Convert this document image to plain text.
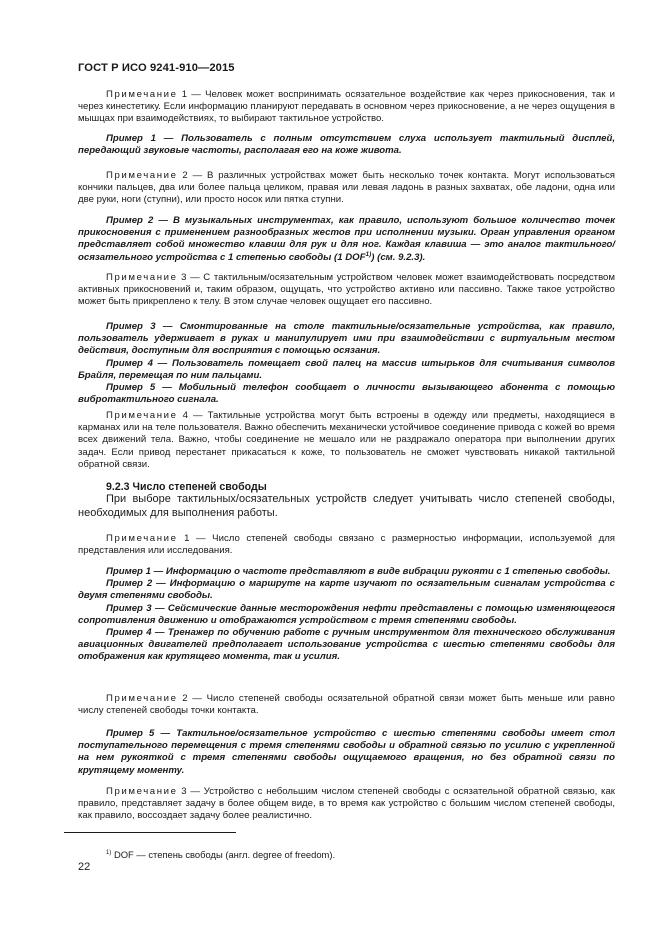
ГОСТ Р ИСО 9241-910—2015

Примечание 1 — Человек может воспринимать осязательное воздействие как через прикосновения, так и через кинестетику. Если информацию планируют передавать в основном через прикосновение, а не через ощущения в мышцах при взаимодействиях, то выбирают тактильное устройство.

Пример 1 — Пользователь с полным отсутствием слуха использует тактильный дисплей, передающий звуковые частоты, располагая его на коже живота.

Примечание 2 — В различных устройствах может быть несколько точек контакта. Могут использоваться кончики пальцев, два или более пальца целиком, правая или левая ладонь в разных захватах, обе ладони, одна или две руки, ноги (ступни), или просто носок или пятка ступни.

Пример 2 — В музыкальных инструментах, как правило, используют большое количество точек прикосновения с применением разнообразных жестов при исполнении музыки. Орган управления органом представляет собой множество клавиш для рук и для ног. Каждая клавиша — это аналог тактильного/осязательного устройства с 1 степенью свободы (1 DOF$^{1)}$) (см. 9.2.3).

Примечание 3 — С тактильным/осязательным устройством человек может взаимодействовать посредством активных прикосновений и, таким образом, ощущать, что устройство активно или пассивно. Также такое устройство может быть прикреплено к телу. В этом случае человек ощущает его пассивно.

Пример 3 — Смонтированные на столе тактильные/осязательные устройства, как правило, пользователь удерживает в руках и манипулирует ими при взаимодействии с виртуальным местом действия, доступным для восприятия с помощью осязания.

Пример 4 — Пользователь помещает свой палец на массив штырьков для считывания символов Брайля, перемещая по ним пальцами.

Пример 5 — Мобильный телефон сообщает о личности вызывающего абонента с помощью вибротактильного сигнала.

Примечание 4 — Тактильные устройства могут быть встроены в одежду или предметы, находящиеся в карманах или на теле пользователя. Важно обеспечить механически устойчивое соединение привода с кожей во время всех движений тела. Важно, чтобы соединение не мешало или не раздражало оператора при выполнении других задач. Если привод перестанет прикасаться к коже, то пользователь не сможет чувствовать никакой тактильной обратной связи.

9.2.3 Число степеней свободы

При выборе тактильных/осязательных устройств следует учитывать число степеней свободы, необходимых для выполнения работы.

Примечание 1 — Число степеней свободы связано с размерностью информации, используемой для представления или исследования.

Пример 1 — Информацию о частоте представляют в виде вибрации рукояти с 1 степенью свободы.

Пример 2 — Информацию о маршруте на карте изучают по осязательным сигналам устройства с двумя степенями свободы.

Пример 3 — Сейсмические данные месторождения нефти представлены с помощью изменяющегося сопротивления движению и отображаются устройством с тремя степенями свободы.

Пример 4 — Тренажер по обучению работе с ручным инструментом для технического обслуживания авиационных двигателей предполагает использование устройства с шестью степенями свободы для отображения как крутящего момента, так и усилия.

Примечание 2 — Число степеней свободы осязательной обратной связи может быть меньше или равно числу степеней свободы точки контакта.

Пример 5 — Тактильное/осязательное устройство с шестью степенями свободы имеет стол поступательного перемещения с тремя степенями свободы и обратной связью по усилию с укрепленной на нем рукояткой с тремя степенями свободы ощущаемого вращения, но без обратной связи по крутящему моменту.

Примечание 3 — Устройство с небольшим числом степеней свободы с осязательной обратной связью, как правило, представляет задачу в более общем виде, в то время как устройство с большим числом степеней свободы, как правило, воссоздает задачу более реалистично.

$^{1)}$ DOF — степень свободы (англ. degree of freedom).
22
